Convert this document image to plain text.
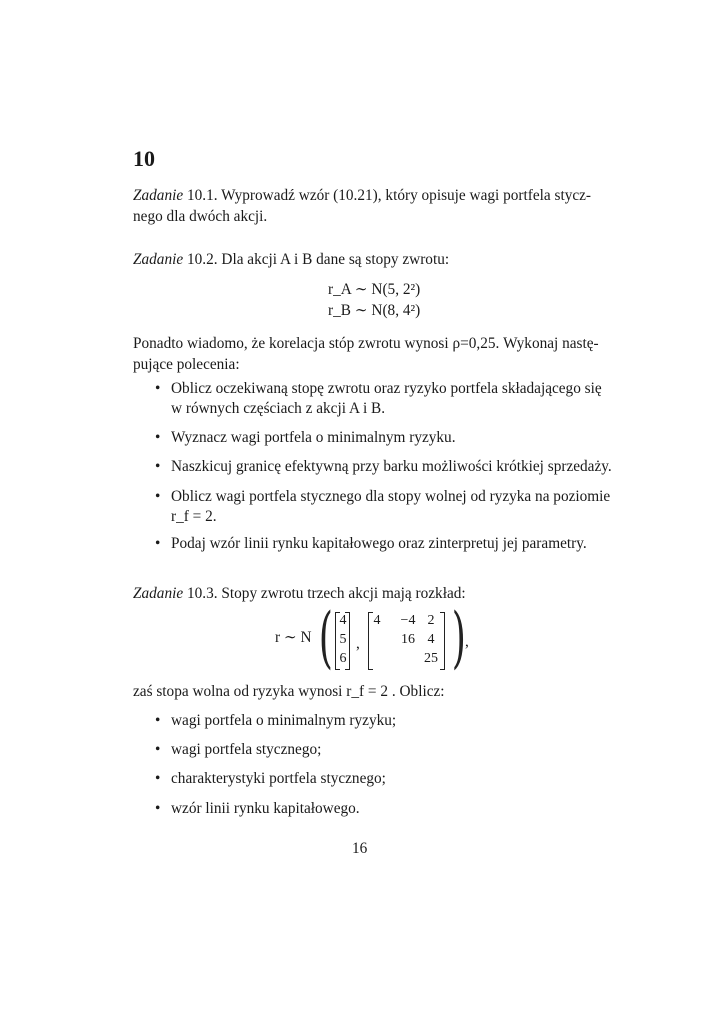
10
Zadanie 10.1. Wyprowadź wzór (10.21), który opisuje wagi portfela stycz-
nego dla dwóch akcji.
Zadanie 10.2. Dla akcji A i B dane są stopy zwrotu:
r_A ∼ N(5, 2²)
r_B ∼ N(8, 4²)
Ponadto wiadomo, że korelacja stóp zwrotu wynosi ρ=0,25. Wykonaj nastę-
pujące polecenia:
• Oblicz oczekiwaną stopę zwrotu oraz ryzyko portfela składającego się
w równych częściach z akcji A i B.
• Wyznacz wagi portfela o minimalnym ryzyku.
• Naszkicuj granicę efektywną przy barku możliwości krótkiej sprzedaży.
• Oblicz wagi portfela stycznego dla stopy wolnej od ryzyka na poziomie
r_f = 2.
• Podaj wzór linii rynku kapitałowego oraz zinterpretuj jej parametry.
Zadanie 10.3. Stopy zwrotu trzech akcji mają rozkład:
r ∼ N ( 4
5
6
,
4	−4 2
16 4
25 ) ,
zaś stopa wolna od ryzyka wynosi r_f = 2 . Oblicz:
• wagi portfela o minimalnym ryzyku;
• wagi portfela stycznego;
• charakterystyki portfela stycznego;
• wzór linii rynku kapitałowego.
16
